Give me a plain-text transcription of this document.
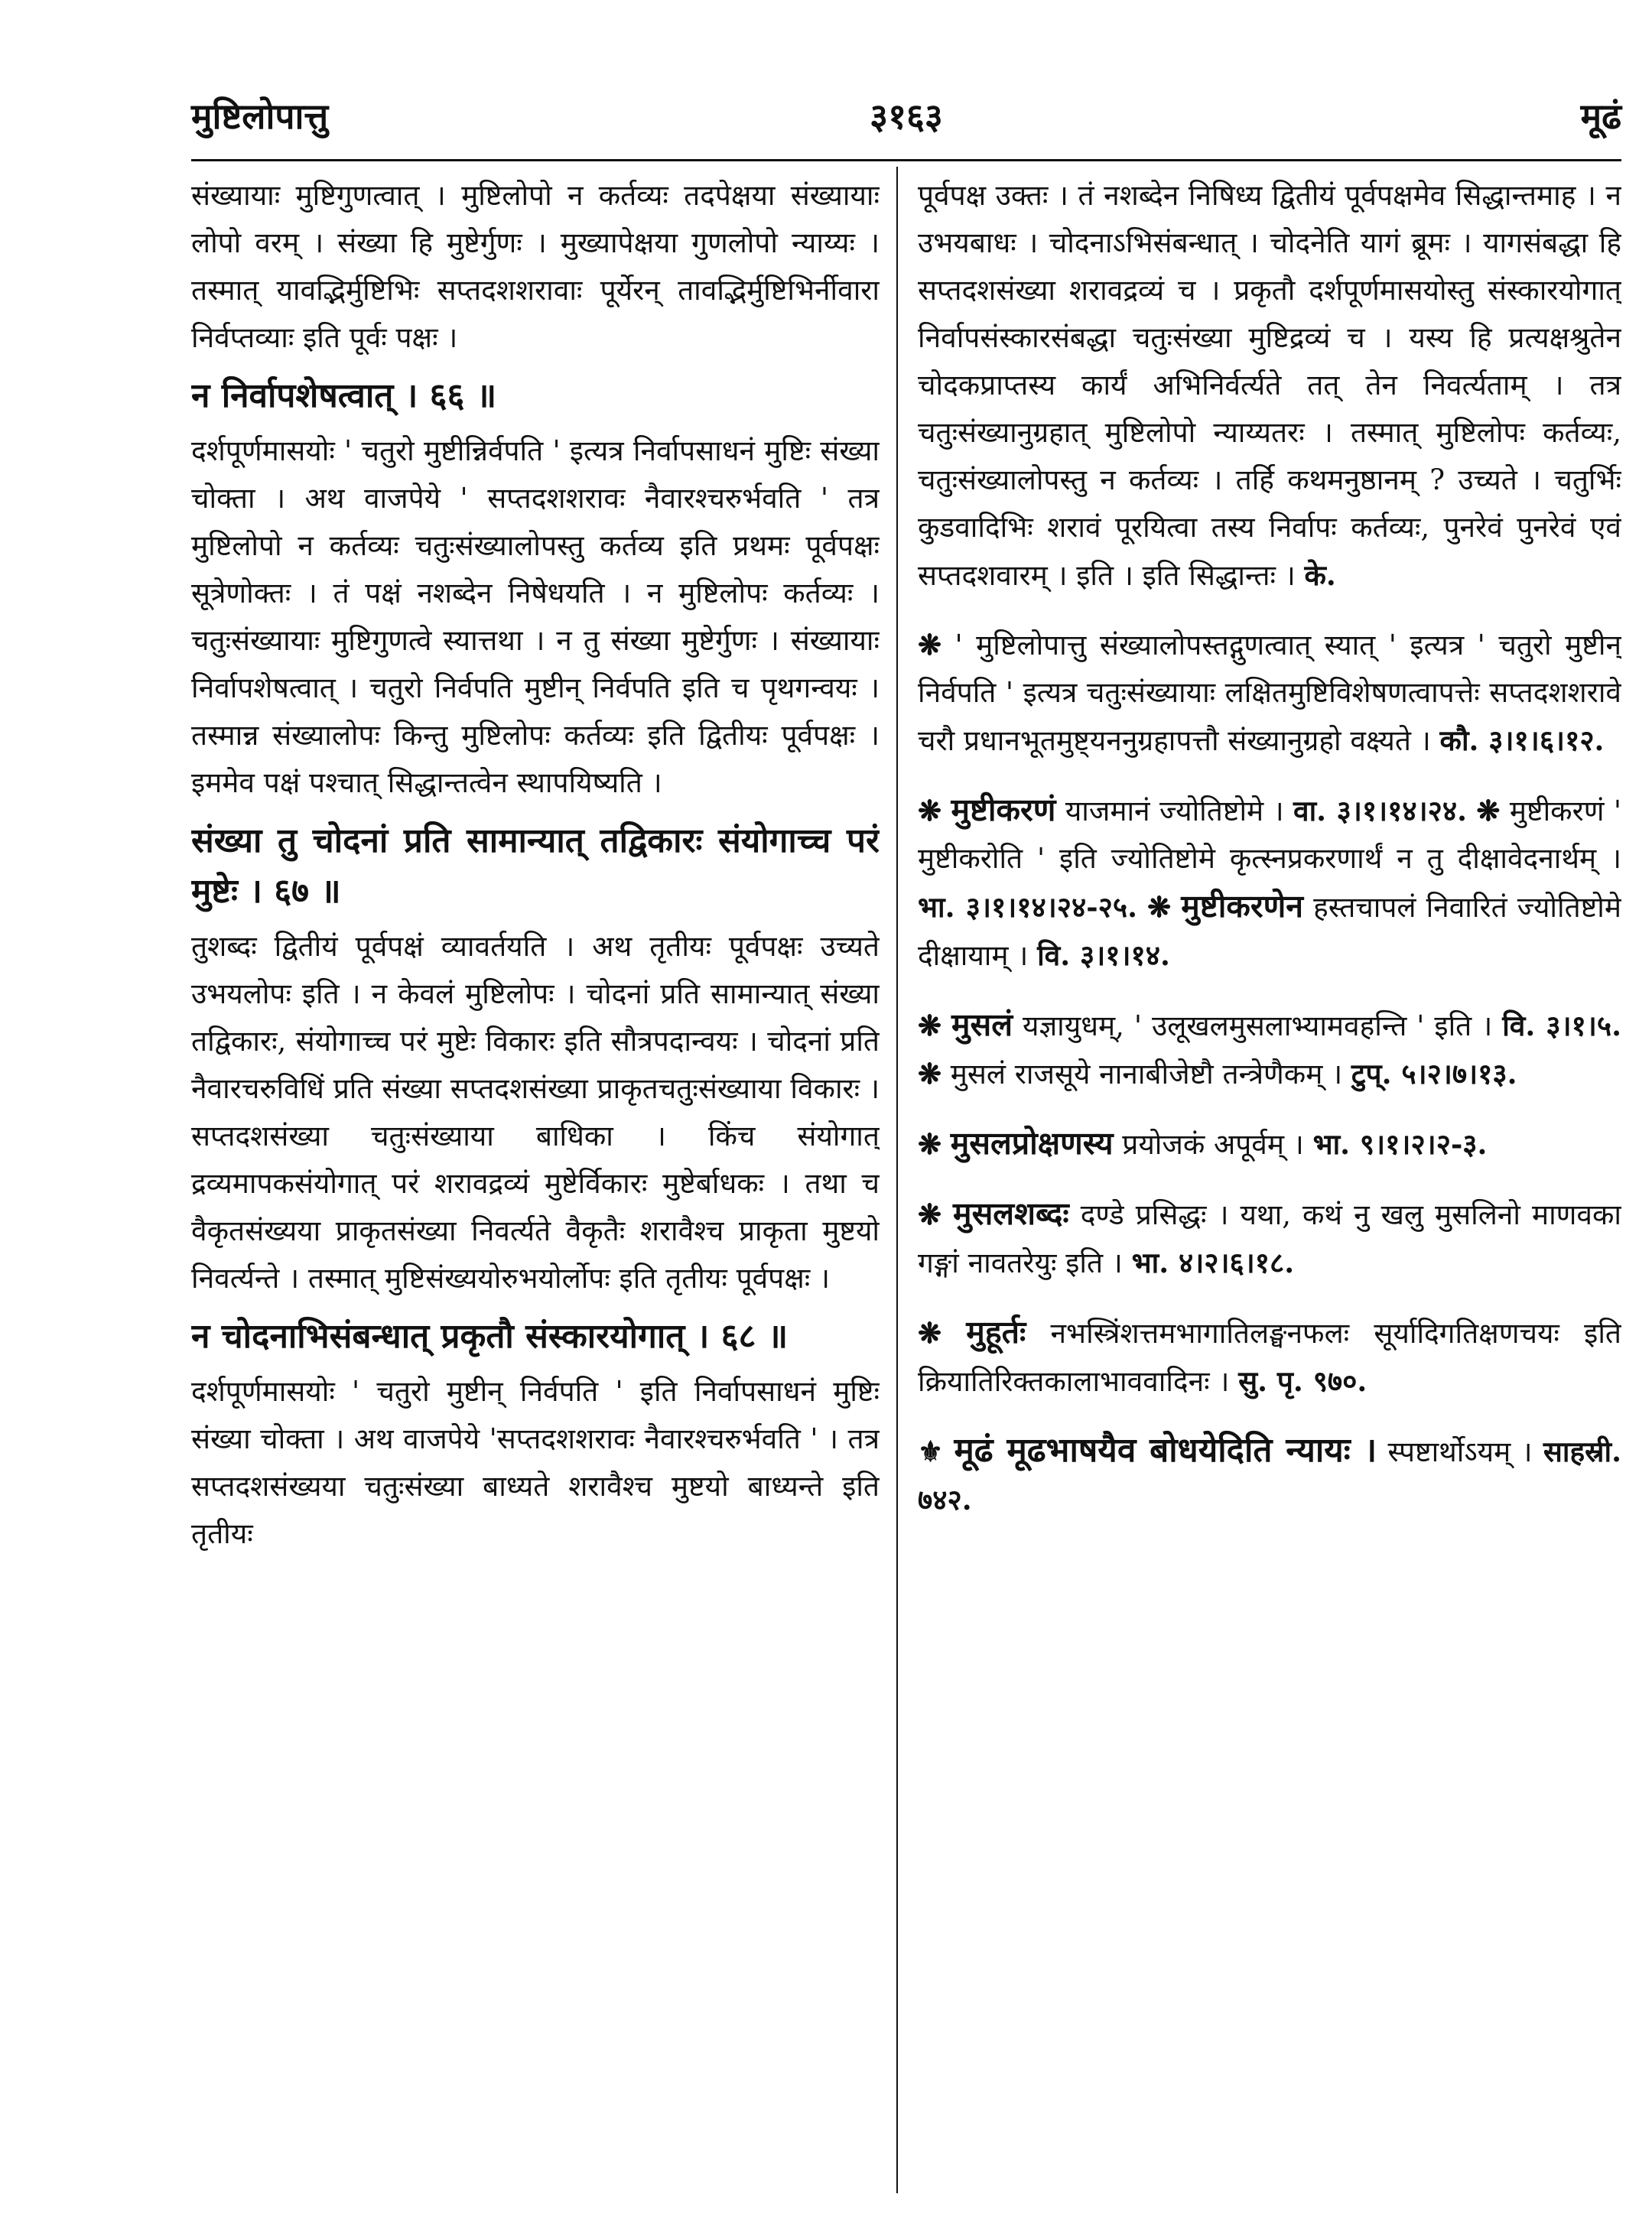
३१६३
मुष्टिलोपात्तु	मूढं

संख्यायाः मुष्टिगुणत्वात् । मुष्टिलोपो न कर्तव्यः तदपेक्षया संख्यायाः लोपो वरम् । संख्या हि मुष्टेर्गुणः । मुख्यापेक्षया गुणलोपो न्याय्यः । तस्मात् यावद्भिर्मुष्टिभिः सप्तदशशरावाः पूर्येरन् तावद्भिर्मुष्टिभिर्नीवारा निर्वप्तव्याः इति पूर्वः पक्षः ।

न निर्वापशेषत्वात् । ६६ ॥

दर्शपूर्णमासयोः ' चतुरो मुष्टीन्निर्वपति ' इत्यत्र निर्वापसाधनं मुष्टिः संख्या चोक्ता । अथ वाजपेये ' सप्तदशशरावः नैवारश्चरुर्भवति ' तत्र मुष्टिलोपो न कर्तव्यः चतुःसंख्यालोपस्तु कर्तव्य इति प्रथमः पूर्वपक्षः सूत्रेणोक्तः । तं पक्षं नशब्देन निषेधयति । न मुष्टिलोपः कर्तव्यः । चतुःसंख्यायाः मुष्टिगुणत्वे स्यात्तथा । न तु संख्या मुष्टेर्गुणः । संख्यायाः निर्वापशेषत्वात् । चतुरो निर्वपति मुष्टीन् निर्वपति इति च पृथगन्वयः । तस्मान्न संख्यालोपः किन्तु मुष्टिलोपः कर्तव्यः इति द्वितीयः पूर्वपक्षः । इममेव पक्षं पश्चात् सिद्धान्तत्वेन स्थापयिष्यति ।

संख्या तु चोदनां प्रति सामान्यात् तद्विकारः संयोगाच्च परं मुष्टेः । ६७ ॥

तुशब्दः द्वितीयं पूर्वपक्षं व्यावर्तयति । अथ तृतीयः पूर्वपक्षः उच्यते उभयलोपः इति । न केवलं मुष्टिलोपः । चोदनां प्रति सामान्यात् संख्या तद्विकारः, संयोगाच्च परं मुष्टेः विकारः इति सौत्रपदान्वयः । चोदनां प्रति नैवारचरुविधिं प्रति संख्या सप्तदशसंख्या प्राकृतचतुःसंख्याया विकारः । सप्तदशसंख्या चतुःसंख्याया बाधिका । किंच संयोगात् द्रव्यमापकसंयोगात् परं शरावद्रव्यं मुष्टेर्विकारः मुष्टेर्बाधकः । तथा च वैकृतसंख्यया प्राकृतसंख्या निवर्त्यते वैकृतैः शरावैश्च प्राकृता मुष्टयो निवर्त्यन्ते । तस्मात् मुष्टिसंख्ययोरुभयोर्लोपः इति तृतीयः पूर्वपक्षः ।

न चोदनाभिसंबन्धात् प्रकृतौ संस्कारयोगात् । ६८ ॥

दर्शपूर्णमासयोः ' चतुरो मुष्टीन् निर्वपति ' इति निर्वापसाधनं मुष्टिः संख्या चोक्ता । अथ वाजपेये 'सप्तदशशरावः नैवारश्चरुर्भवति ' । तत्र सप्तदशसंख्यया चतुःसंख्या बाध्यते शरावैश्च मुष्टयो बाध्यन्ते इति तृतीयः

पूर्वपक्ष उक्तः । तं नशब्देन निषिध्य द्वितीयं पूर्वपक्षमेव सिद्धान्तमाह । न उभयबाधः । चोदनाऽभिसंबन्धात् । चोदनेति यागं ब्रूमः । यागसंबद्धा हि सप्तदशसंख्या शरावद्रव्यं च । प्रकृतौ दर्शपूर्णमासयोस्तु संस्कारयोगात् निर्वापसंस्कारसंबद्धा चतुःसंख्या मुष्टिद्रव्यं च । यस्य हि प्रत्यक्षश्रुतेन चोदकप्राप्तस्य कार्यं अभिनिर्वर्त्यते तत् तेन निवर्त्यताम् । तत्र चतुःसंख्यानुग्रहात् मुष्टिलोपो न्याय्यतरः । तस्मात् मुष्टिलोपः कर्तव्यः, चतुःसंख्यालोपस्तु न कर्तव्यः । तर्हि कथमनुष्ठानम् ? उच्यते । चतुर्भिः कुडवादिभिः शरावं पूरयित्वा तस्य निर्वापः कर्तव्यः, पुनरेवं पुनरेवं एवं सप्तदशवारम् । इति । इति सिद्धान्तः । के.

❋ ' मुष्टिलोपात्तु संख्यालोपस्तद्गुणत्वात् स्यात् ' इत्यत्र ' चतुरो मुष्टीन् निर्वपति ' इत्यत्र चतुःसंख्यायाः लक्षितमुष्टिविशेषणत्वापत्तेः सप्तदशशरावे चरौ प्रधानभूतमुष्ट्यननुग्रहापत्तौ संख्यानुग्रहो वक्ष्यते । कौ. ३।१।६।१२.

❋ मुष्टीकरणं याजमानं ज्योतिष्टोमे । वा. ३।१।१४।२४. ❋ मुष्टीकरणं ' मुष्टीकरोति ' इति ज्योतिष्टोमे कृत्स्नप्रकरणार्थं न तु दीक्षावेदनार्थम् । भा. ३।१।१४।२४-२५. ❋ मुष्टीकरणेन हस्तचापलं निवारितं ज्योतिष्टोमे दीक्षायाम् । वि. ३।१।१४.

❋ मुसलं यज्ञायुधम्, ' उलूखलमुसलाभ्यामवहन्ति ' इति । वि. ३।१।५. ❋ मुसलं राजसूये नानाबीजेष्टौ तन्त्रेणैकम् । टुप्. ५।२।७।१३.

❋ मुसलप्रोक्षणस्य प्रयोजकं अपूर्वम् । भा. ९।१।२।२-३.

❋ मुसलशब्दः दण्डे प्रसिद्धः । यथा, कथं नु खलु मुसलिनो माणवका गङ्गां नावतरेयुः इति । भा. ४।२।६।१८.

❋ मुहूर्तः नभस्त्रिंशत्तमभागातिलङ्घनफलः सूर्यादिगतिक्षणचयः इति क्रियातिरिक्तकालाभाववादिनः । सु. पृ. ९७०.

⚜ मूढं मूढभाषयैव बोधयेदिति न्यायः । स्पष्टार्थोऽयम् । साहस्री. ७४२.
